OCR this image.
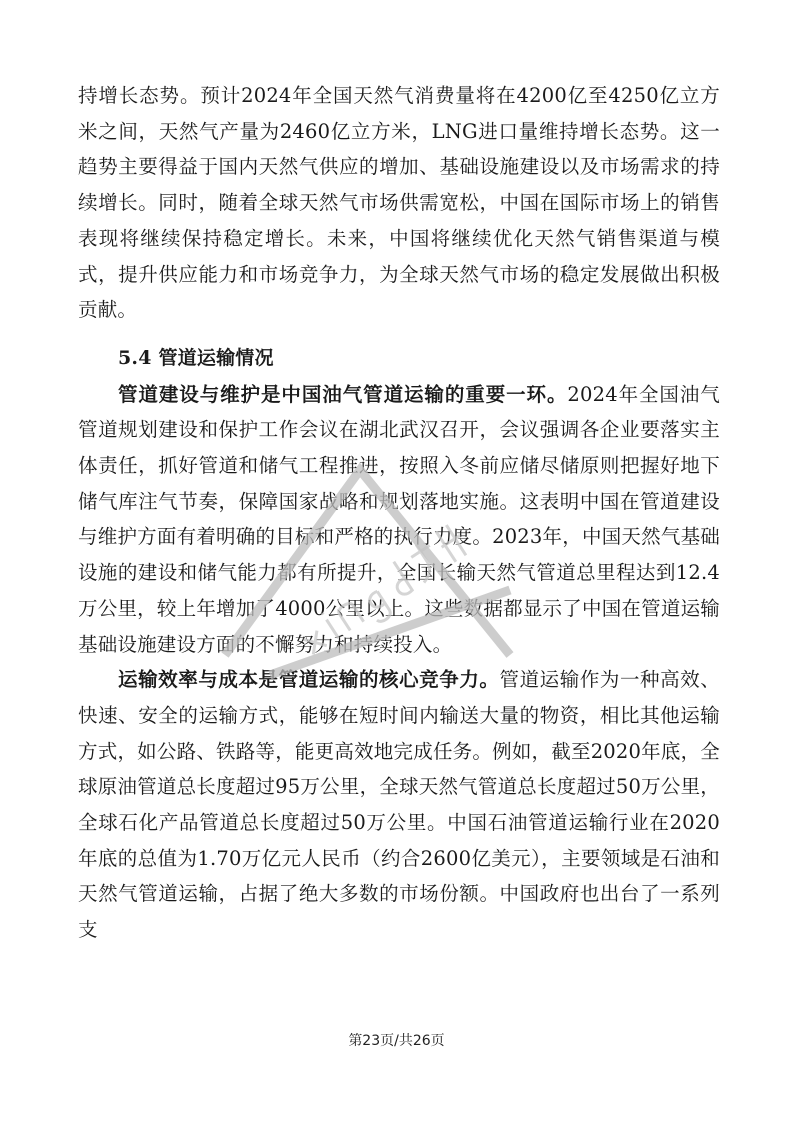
持增长态势。预计2024年全国天然气消费量将在4200亿至4250亿立方米之间，天然气产量为2460亿立方米，LNG进口量维持增长态势。这一趋势主要得益于国内天然气供应的增加、基础设施建设以及市场需求的持续增长。同时，随着全球天然气市场供需宽松，中国在国际市场上的销售表现将继续保持稳定增长。未来，中国将继续优化天然气销售渠道与模式，提升供应能力和市场竞争力，为全球天然气市场的稳定发展做出积极贡献。

5.4 管道运输情况

管道建设与维护是中国油气管道运输的重要一环。2024年全国油气管道规划建设和保护工作会议在湖北武汉召开，会议强调各企业要落实主体责任，抓好管道和储气工程推进，按照入冬前应储尽储原则把握好地下储气库注气节奏，保障国家战略和规划落地实施。这表明中国在管道建设与维护方面有着明确的目标和严格的执行力度。2023年，中国天然气基础设施的建设和储气能力都有所提升，全国长输天然气管道总里程达到12.4万公里，较上年增加了4000公里以上。这些数据都显示了中国在管道运输基础设施建设方面的不懈努力和持续投入。

运输效率与成本是管道运输的核心竞争力。管道运输作为一种高效、快速、安全的运输方式，能够在短时间内输送大量的物资，相比其他运输方式，如公路、铁路等，能更高效地完成任务。例如，截至2020年底，全球原油管道总长度超过95万公里，全球天然气管道总长度超过50万公里，全球石化产品管道总长度超过50万公里。中国石油管道运输行业在2020年底的总值为1.70万亿元人民币（约合2600亿美元），主要领域是石油和天然气管道运输，占据了绝大多数的市场份额。中国政府也出台了一系列支

第23页/共26页
